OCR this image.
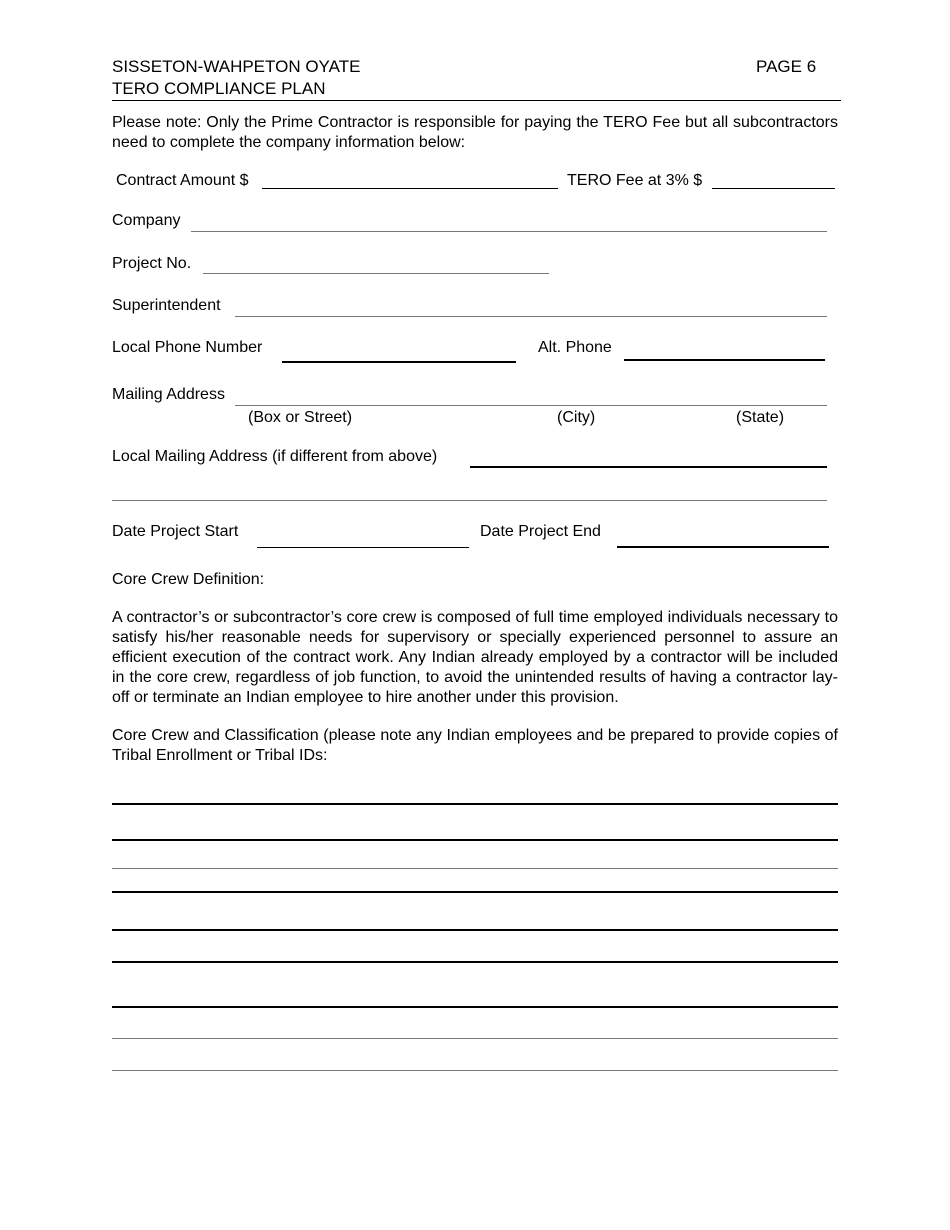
SISSETON-WAHPETON OYATE
TERO COMPLIANCE PLAN
PAGE 6
Please note: Only the Prime Contractor is responsible for paying the TERO Fee but all subcontractors need to complete the company information below:
Contract Amount $	TERO Fee at 3% $
Company
Project No.
Superintendent
Local Phone Number	Alt. Phone
Mailing Address
(Box or Street)	(City)	(State)
Local Mailing Address (if different from above)
Date Project Start	Date Project End
Core Crew Definition:
A contractor’s or subcontractor’s core crew is composed of full time employed individuals necessary to satisfy his/her reasonable needs for supervisory or specially experienced personnel to assure an efficient execution of the contract work. Any Indian already employed by a contractor will be included in the core crew, regardless of job function, to avoid the unintended results of having a contractor lay-off or terminate an Indian employee to hire another under this provision.
Core Crew and Classification (please note any Indian employees and be prepared to provide copies of Tribal Enrollment or Tribal IDs:
